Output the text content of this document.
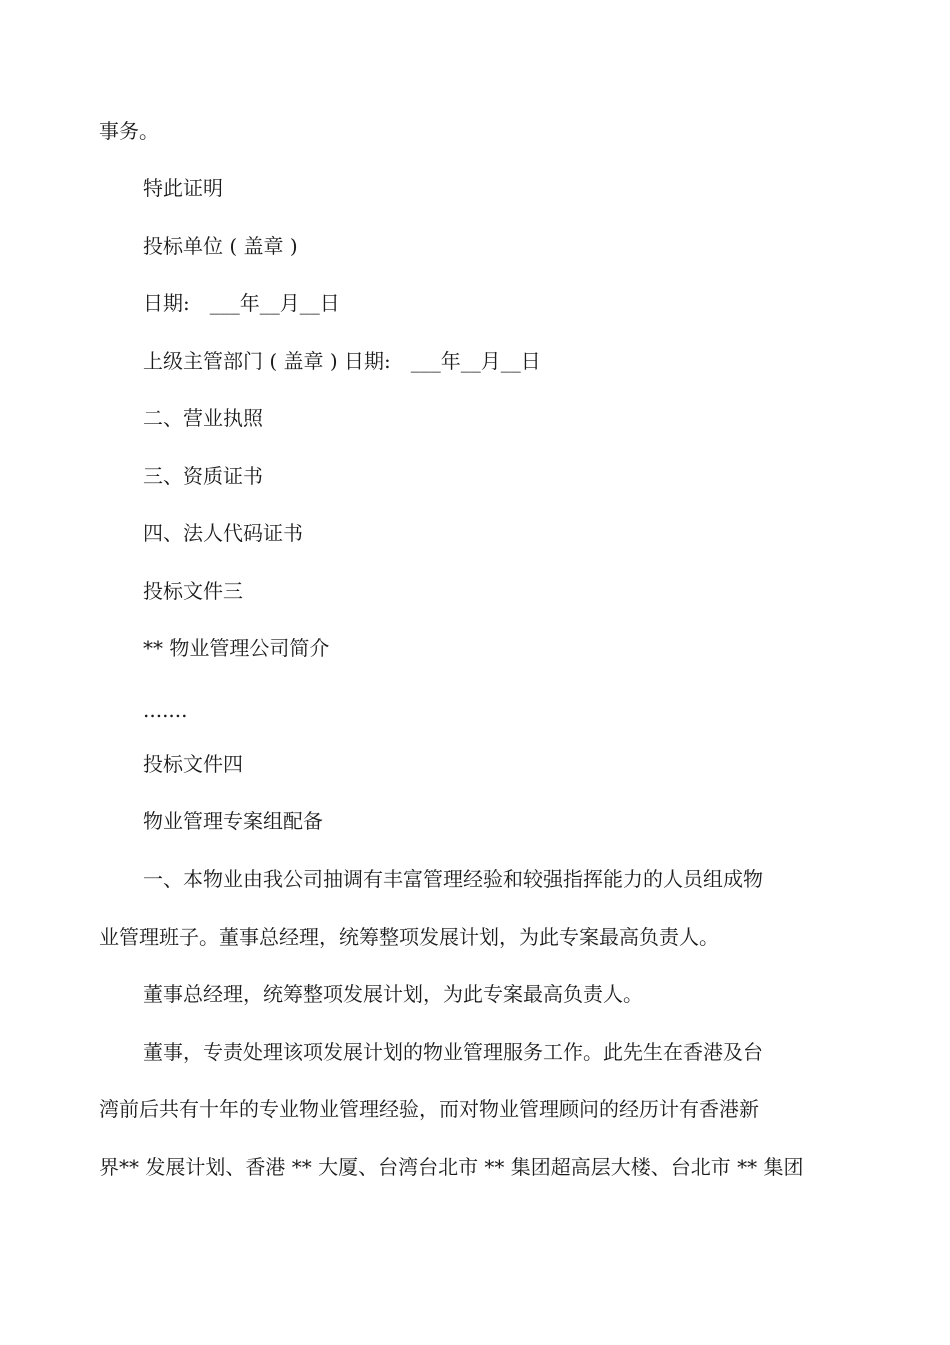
事务。
特此证明
投标单位 ( 盖章 )
日期:　___年__月__日
上级主管部门 ( 盖章 ) 日期:　___年__月__日
二、营业执照
三、资质证书
四、法人代码证书
投标文件三
** 物业管理公司简介
.......
投标文件四
物业管理专案组配备
一、本物业由我公司抽调有丰富管理经验和较强指挥能力的人员组成物
业管理班子。董事总经理，统筹整项发展计划，为此专案最高负责人。
董事总经理，统筹整项发展计划，为此专案最高负责人。
董事，专责处理该项发展计划的物业管理服务工作。此先生在香港及台
湾前后共有十年的专业物业管理经验，而对物业管理顾问的经历计有香港新
界** 发展计划、香港 ** 大厦、台湾台北市 ** 集团超高层大楼、台北市 ** 集团
